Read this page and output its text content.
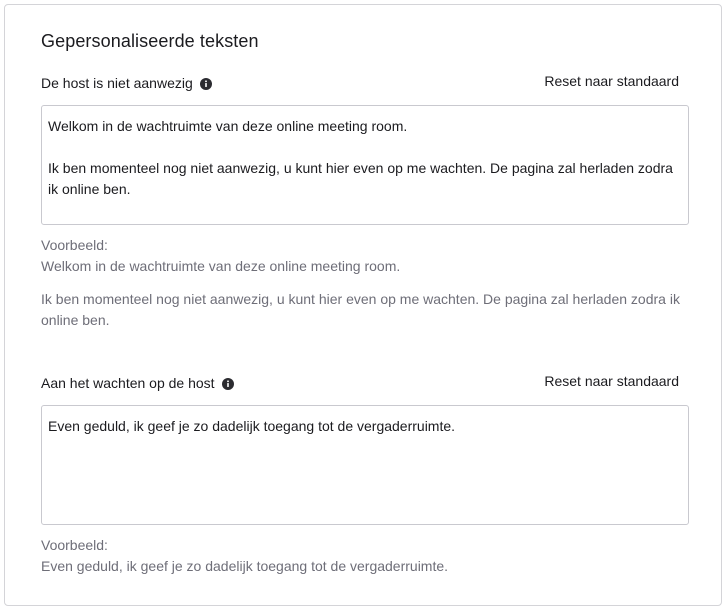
Gepersonaliseerde teksten
De host is niet aanwezig	Reset naar standaard
Welkom in de wachtruimte van deze online meeting room. Ik ben momenteel nog niet aanwezig, u kunt hier even op me wachten. De pagina zal herladen zodra ik online ben.
Voorbeeld:
Welkom in de wachtruimte van deze online meeting room.
Ik ben momenteel nog niet aanwezig, u kunt hier even op me wachten. De pagina zal herladen zodra ik online ben.
Aan het wachten op de host	Reset naar standaard
Even geduld, ik geef je zo dadelijk toegang tot de vergaderruimte.
Voorbeeld:
Even geduld, ik geef je zo dadelijk toegang tot de vergaderruimte.
